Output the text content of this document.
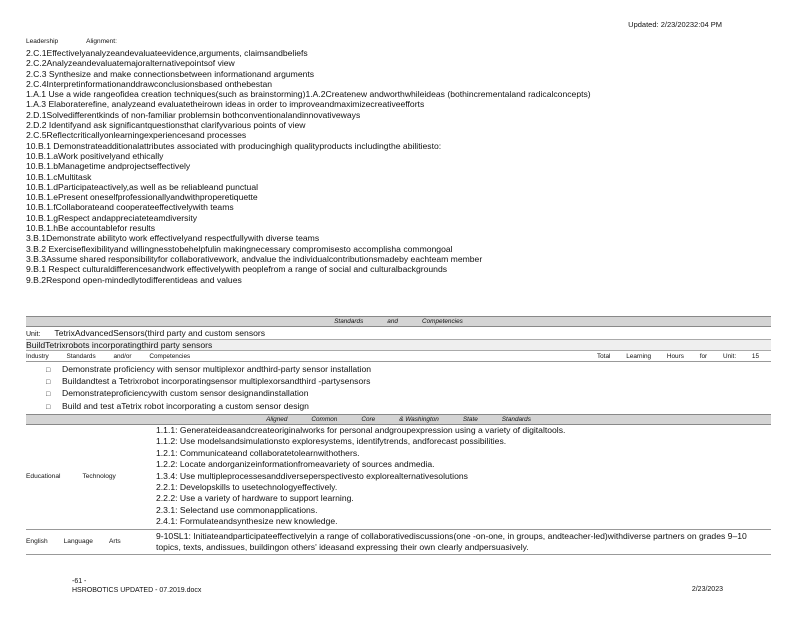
Updated: 2/23/20232:04 PM
Leadership	Alignment:
2.C.1Effectivelyanalyzeandevaluateevidence,arguments, claimsandbeliefs
2.C.2Analyzeandevaluatemajoralternativepointsof view
2.C.3 Synthesize and make connectionsbetween informationand arguments
2.C.4Interpretinformationanddrawconclusionsbased onthebestan
1.A.1 Use a wide rangeofidea creation techniques(such as brainstorming)1.A.2Createnew andworthwhileideas (bothincrementaland radicalconcepts)
1.A.3 Elaboraterefine, analyzeand evaluatetheirown ideas in order to improveandmaximizecreativeefforts
2.D.1Solvedifferentkinds of non-familiar problemsin bothconventionalandinnovativeways
2.D.2 Identifyand ask significantquestionsthat clarifyvarious points of view
2.C.5Reflectcriticallyonlearningexperiencesand processes
10.B.1 Demonstrateadditionalattributes associated with producinghigh qualityproducts includingthe abilitiesto:
10.B.1.aWork positivelyand ethically
10.B.1.bManagetime andprojectseffectively
10.B.1.cMultitask
10.B.1.dParticipateactively,as well as be reliableand punctual
10.B.1.ePresent oneselfprofessionallyandwithproperetiquette
10.B.1.fCollaborateand cooperateeffectivelywith teams
10.B.1.gRespect andappreciateteamdiversity
10.B.1.hBe accountablefor results
3.B.1Demonstrate abilityto work effectivelyand respectfullywith diverse teams
3.B.2 Exerciseflexibilityand willingnesstobehelpfulin makingnecessary compromisesto accomplisha commongoal
3.B.3Assume shared responsibilityfor collaborativework, andvalue the individualcontributionsmadeby eachteam member
9.B.1 Respect culturaldifferencesandwork effectivelywith peoplefrom a range of social and culturalbackgrounds
9.B.2Respond open-mindedlytodifferentideas and values
Standards	and	Competencies
Unit: TetrixAdvancedSensors(third party and custom sensors
BuildTetrixrobots incorporatingthird party sensors
Industry	Standards	and/or	Competencies	Total Learning Hours for Unit: 15
□ Demonstrate proficiency with sensor multiplexor andthird-party sensor installation
□ Buildandtest a Tetrixrobot incorporatingsensor multiplexorsandthird -partysensors
□ Demonstrateproficiencywith custom sensor designandinstallation
□ Build and test aTetrix robot incorporating a custom sensor design
Aligned	Common	Core	& Washington	State	Standards
Educational	Technology
1.1.1: Generateideasandcreateoriginalworks for personal andgroupexpression using a variety of digitaltools.
1.1.2: Use modelsandsimulationsto exploresystems, identifytrends, andforecast possibilities.
1.2.1: Communicateand collaboratetolearnwithothers.
1.2.2: Locate andorganizeinformationfromeavariety of sources andmedia.
1.3.4: Use multipleprocessesanddiverseperspectivesto explorealternativesolutions
2.2.1: Developskills to usetechnologyeffectively.
2.2.2: Use a variety of hardware to support learning.
2.3.1: Selectand use commonapplications.
2.4.1: Formulateandsynthesize new knowledge.
English Language Arts
9-10SL1: Initiateandparticipateeffectivelyin a range of collaborativediscussions(one -on-one, in groups, andteacher-led)withdiverse partners on grades 9–10 topics, texts, andissues, buildingon others' ideasand expressing their own clearly andpersuasively.
-61 -
HSROBOTICS UPDATED - 07.2019.docx	2/23/2023
